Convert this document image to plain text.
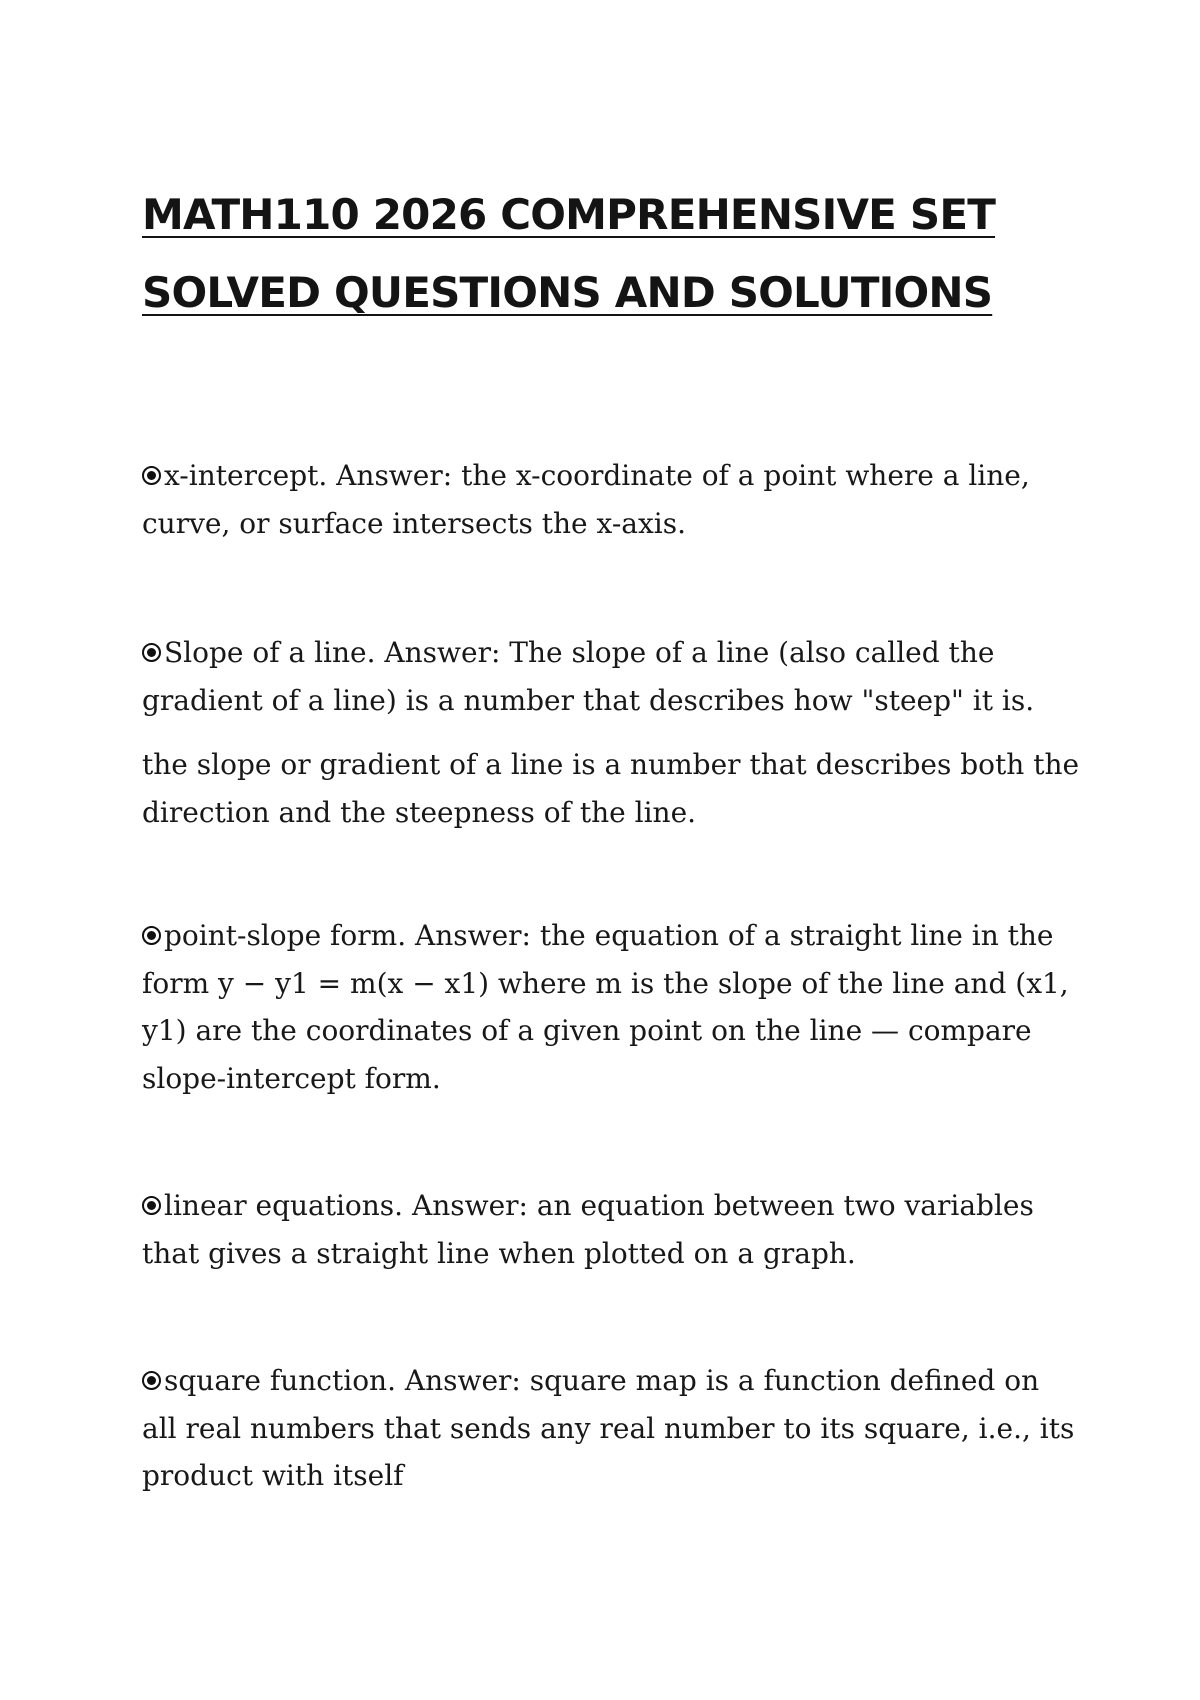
MATH110 2026 COMPREHENSIVE SET
SOLVED QUESTIONS AND SOLUTIONS
x-intercept. Answer: the x-coordinate of a point where a line, curve, or surface intersects the x-axis.
Slope of a line. Answer: The slope of a line (also called the gradient of a line) is a number that describes how "steep" it is.
the slope or gradient of a line is a number that describes both the direction and the steepness of the line.
point-slope form. Answer: the equation of a straight line in the form y − y1 = m(x − x1) where m is the slope of the line and (x1, y1) are the coordinates of a given point on the line — compare slope-intercept form.
linear equations. Answer: an equation between two variables that gives a straight line when plotted on a graph.
square function. Answer: square map is a function defined on all real numbers that sends any real number to its square, i.e., its product with itself
